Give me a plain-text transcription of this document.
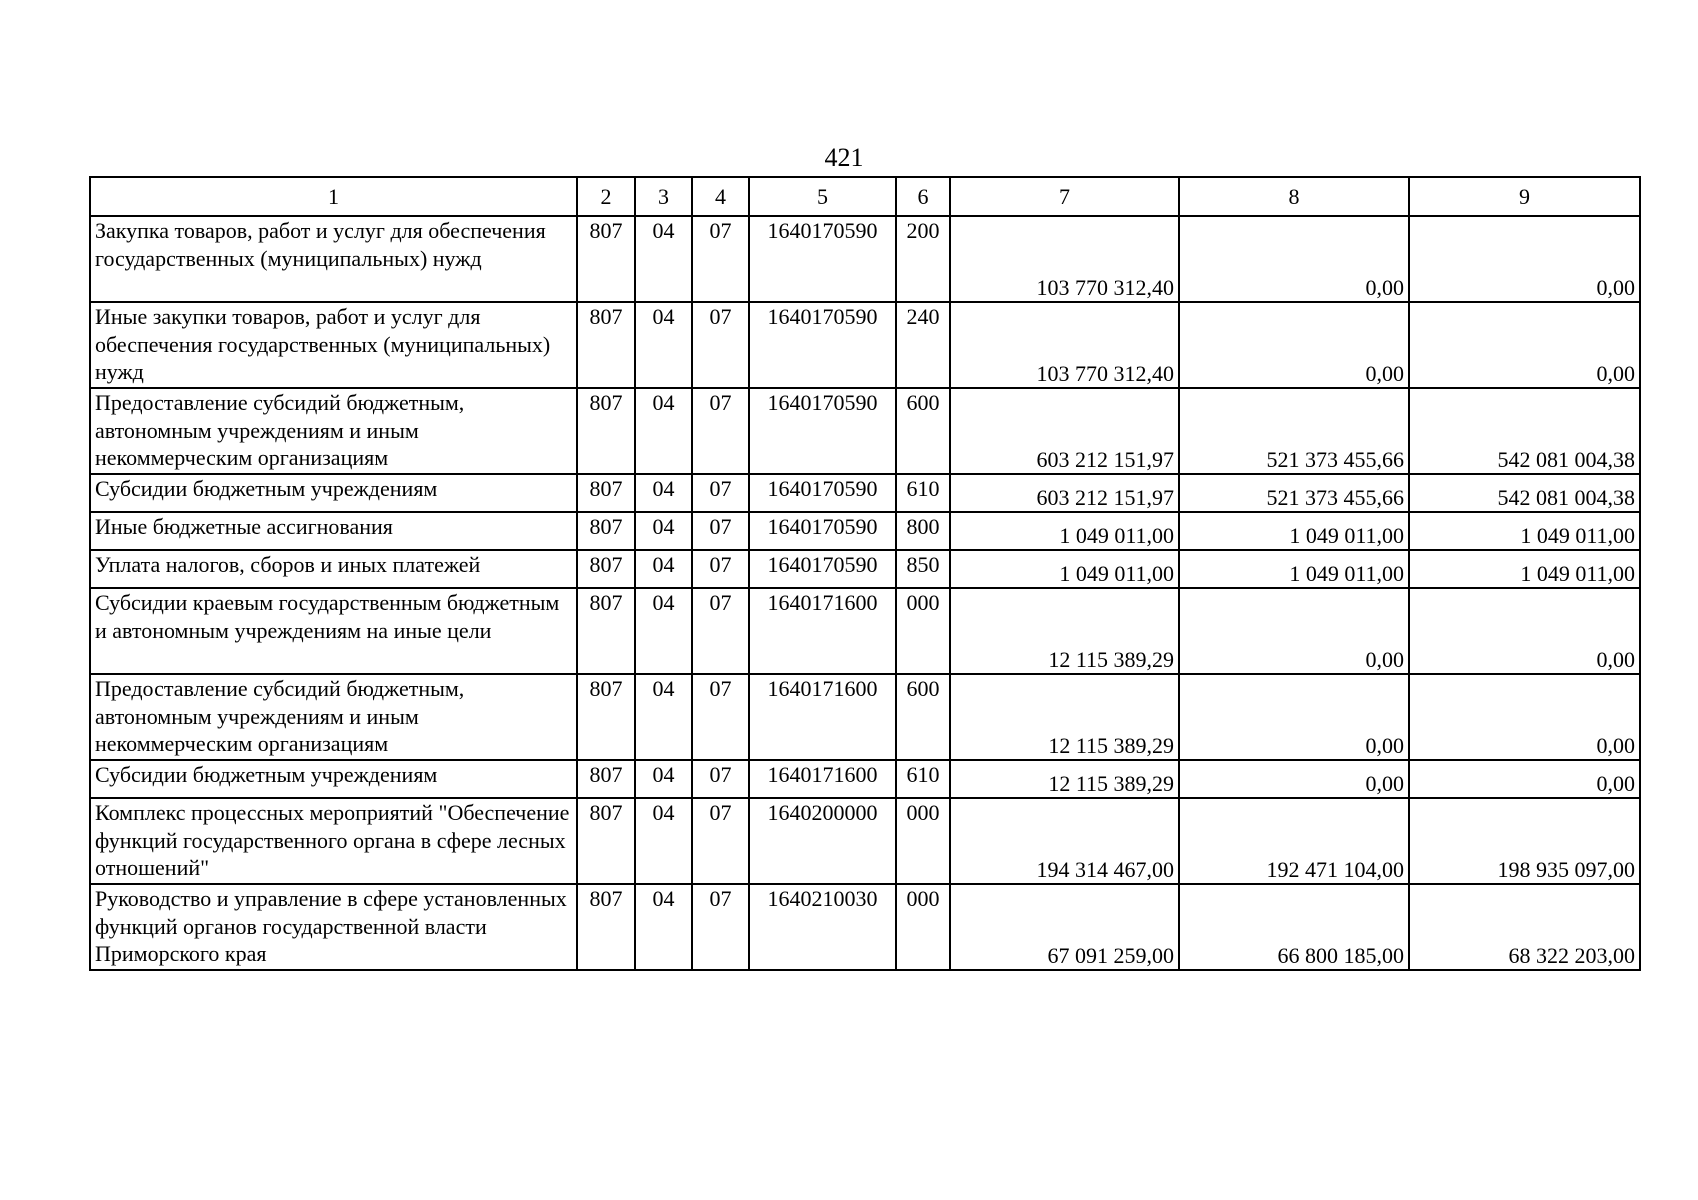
421
1	2	3	4	5	6	7	8	9
Закупка товаров, работ и услуг для обеспечения государственных (муниципальных) нужд	807	04	07	1640170590	200	103 770 312,40	0,00	0,00
Иные закупки товаров, работ и услуг для обеспечения государственных (муниципальных) нужд	807	04	07	1640170590	240	103 770 312,40	0,00	0,00
Предоставление субсидий бюджетным, автономным учреждениям и иным некоммерческим организациям	807	04	07	1640170590	600	603 212 151,97	521 373 455,66	542 081 004,38
Субсидии бюджетным учреждениям	807	04	07	1640170590	610	603 212 151,97	521 373 455,66	542 081 004,38
Иные бюджетные ассигнования	807	04	07	1640170590	800	1 049 011,00	1 049 011,00	1 049 011,00
Уплата налогов, сборов и иных платежей	807	04	07	1640170590	850	1 049 011,00	1 049 011,00	1 049 011,00
Субсидии краевым государственным бюджетным и автономным учреждениям на иные цели	807	04	07	1640171600	000	12 115 389,29	0,00	0,00
Предоставление субсидий бюджетным, автономным учреждениям и иным некоммерческим организациям	807	04	07	1640171600	600	12 115 389,29	0,00	0,00
Субсидии бюджетным учреждениям	807	04	07	1640171600	610	12 115 389,29	0,00	0,00
Комплекс процессных мероприятий "Обеспечение функций государственного органа в сфере лесных отношений"	807	04	07	1640200000	000	194 314 467,00	192 471 104,00	198 935 097,00
Руководство и управление в сфере установленных функций органов государственной власти Приморского края	807	04	07	1640210030	000	67 091 259,00	66 800 185,00	68 322 203,00
